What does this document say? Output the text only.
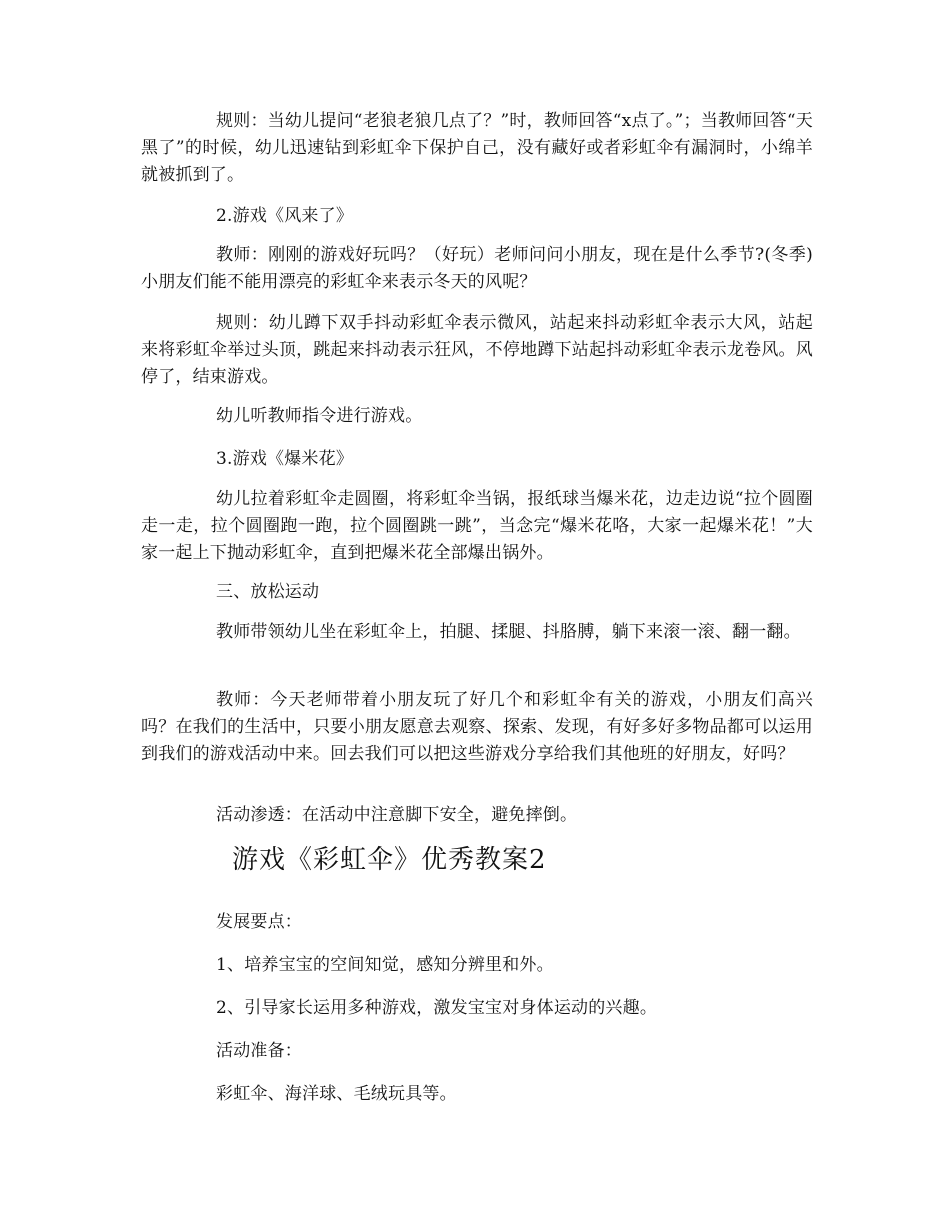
规则：当幼儿提问“老狼老狼几点了？”时，教师回答“x点了。”；当教师回答“天黑了”的时候，幼儿迅速钻到彩虹伞下保护自己，没有藏好或者彩虹伞有漏洞时，小绵羊就被抓到了。

2.游戏《风来了》

教师：刚刚的游戏好玩吗？（好玩）老师问问小朋友，现在是什么季节?(冬季)小朋友们能不能用漂亮的彩虹伞来表示冬天的风呢？

规则：幼儿蹲下双手抖动彩虹伞表示微风，站起来抖动彩虹伞表示大风，站起来将彩虹伞举过头顶，跳起来抖动表示狂风，不停地蹲下站起抖动彩虹伞表示龙卷风。风停了，结束游戏。

幼儿听教师指令进行游戏。

3.游戏《爆米花》

幼儿拉着彩虹伞走圆圈，将彩虹伞当锅，报纸球当爆米花，边走边说“拉个圆圈走一走，拉个圆圈跑一跑，拉个圆圈跳一跳”，当念完“爆米花咯，大家一起爆米花！”大家一起上下抛动彩虹伞，直到把爆米花全部爆出锅外。

三、放松运动

教师带领幼儿坐在彩虹伞上，拍腿、揉腿、抖胳膊，躺下来滚一滚、翻一翻。

教师：今天老师带着小朋友玩了好几个和彩虹伞有关的游戏，小朋友们高兴吗？在我们的生活中，只要小朋友愿意去观察、探索、发现，有好多好多物品都可以运用到我们的游戏活动中来。回去我们可以把这些游戏分享给我们其他班的好朋友，好吗？

活动渗透：在活动中注意脚下安全，避免摔倒。

游戏《彩虹伞》优秀教案2

发展要点：

1、培养宝宝的空间知觉，感知分辨里和外。

2、引导家长运用多种游戏，激发宝宝对身体运动的兴趣。

活动准备：

彩虹伞、海洋球、毛绒玩具等。
